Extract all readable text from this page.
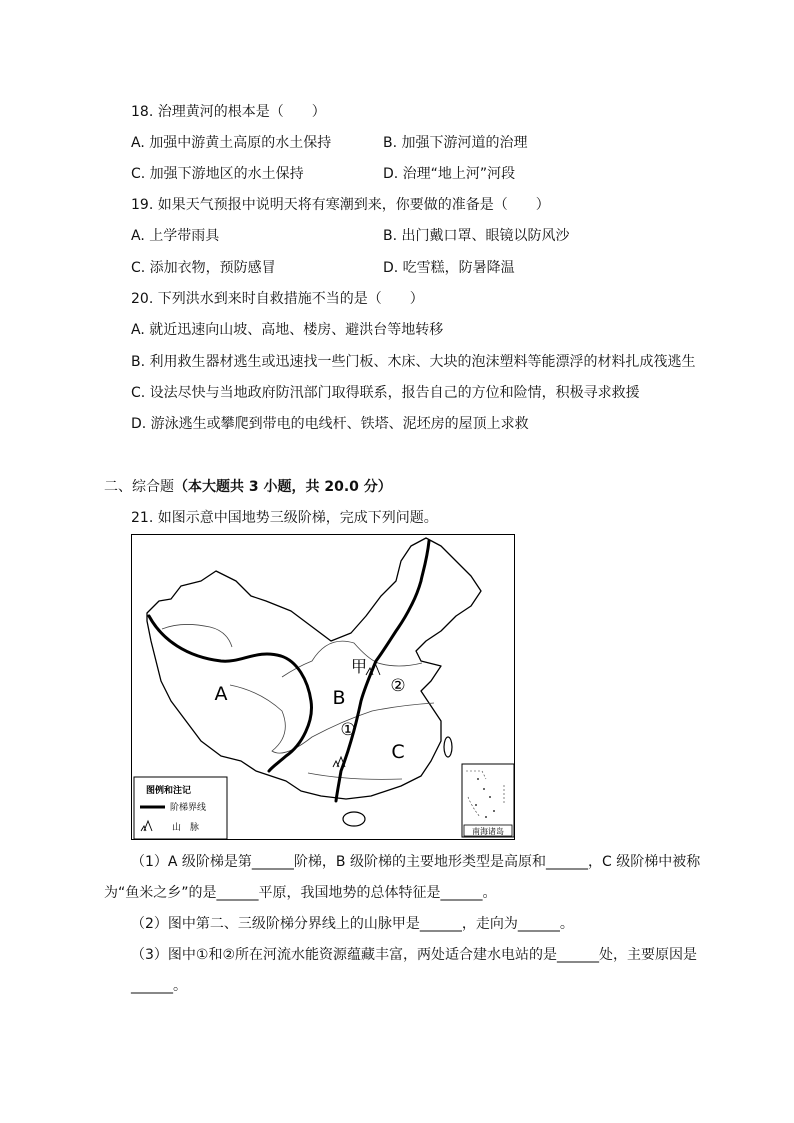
18. 治理黄河的根本是（　　）
A. 加强中游黄土高原的水土保持	B. 加强下游河道的治理
C. 加强下游地区的水土保持	D. 治理“地上河”河段
19. 如果天气预报中说明天将有寒潮到来，你要做的准备是（　　）
A. 上学带雨具	B. 出门戴口罩、眼镜以防风沙
C. 添加衣物，预防感冒	D. 吃雪糕，防暑降温
20. 下列洪水到来时自救措施不当的是（　　）
A. 就近迅速向山坡、高地、楼房、避洪台等地转移
B. 利用救生器材逃生或迅速找一些门板、木床、大块的泡沫塑料等能漂浮的材料扎成筏逃生
C. 设法尽快与当地政府防汛部门取得联系，报告自己的方位和险情，积极寻求救援
D. 游泳逃生或攀爬到带电的电线杆、铁塔、泥坯房的屋顶上求救
二、综合题（本大题共 3 小题，共 20.0 分）
21. 如图示意中国地势三级阶梯，完成下列问题。
A	B
C
甲
②
①
图例和注记
阶梯界线
山　脉	南海诸岛
（1）A 级阶梯是第______阶梯，B 级阶梯的主要地形类型是高原和______，C 级阶梯中被称
为“鱼米之乡”的是______平原，我国地势的总体特征是______。
（2）图中第二、三级阶梯分界线上的山脉甲是______，走向为______。
（3）图中①和②所在河流水能资源蕴藏丰富，两处适合建水电站的是______处，主要原因是
______。
